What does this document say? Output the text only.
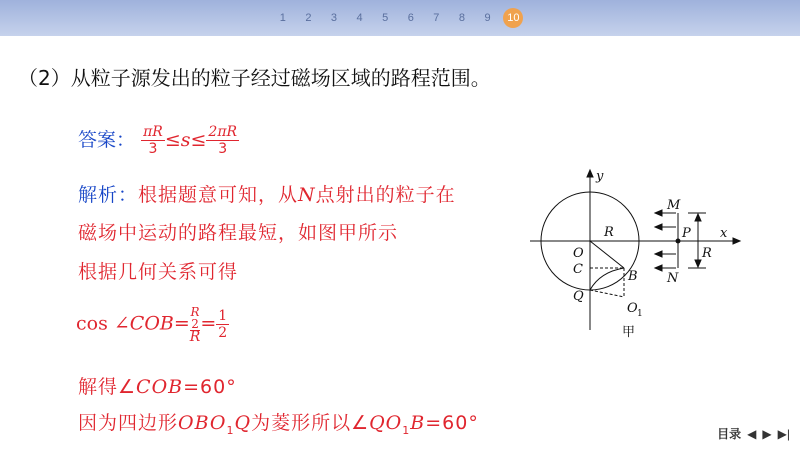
1	2	3	4	5	6	7	8	9	10
（2）从粒子源发出的粒子经过磁场区域的路程范围。
答案： $\frac{\pi R}{3} \le s\le \frac{2\pi R}{3}$
解析：根据题意可知，从N点射出的粒子在
磁场中运动的路程最短，如图甲所示
根据几何关系可得
cos ∠COB=
R
2
$R= \frac{1}{2}$
解得∠COB=60°
因为四边形$OBO_1Q$为菱形所以$\angle QO_1B=60^\circ$
y
x
O
R
C	B
Q
O 1
M
P
N
R
甲
目录 ◀ ▶ ▶|
